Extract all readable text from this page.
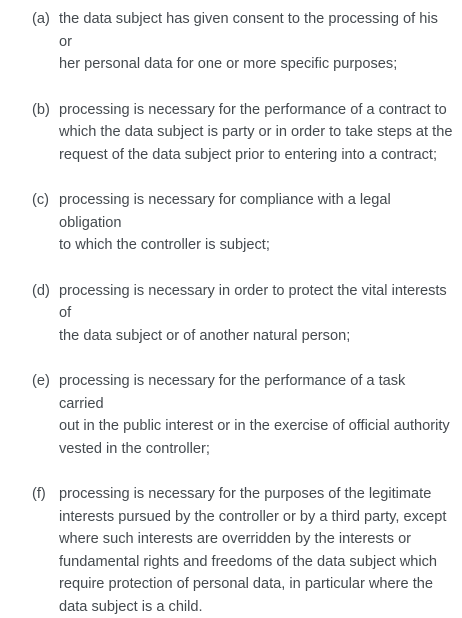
(a) the data subject has given consent to the processing of his or
her personal data for one or more specific purposes;
(b) processing is necessary for the performance of a contract to
which the data subject is party or in order to take steps at the
request of the data subject prior to entering into a contract;
(c) processing is necessary for compliance with a legal obligation
to which the controller is subject;
(d) processing is necessary in order to protect the vital interests of
the data subject or of another natural person;
(e) processing is necessary for the performance of a task carried
out in the public interest or in the exercise of official authority
vested in the controller;
(f) processing is necessary for the purposes of the legitimate
interests pursued by the controller or by a third party, except
where such interests are overridden by the interests or
fundamental rights and freedoms of the data subject which
require protection of personal data, in particular where the
data subject is a child.
